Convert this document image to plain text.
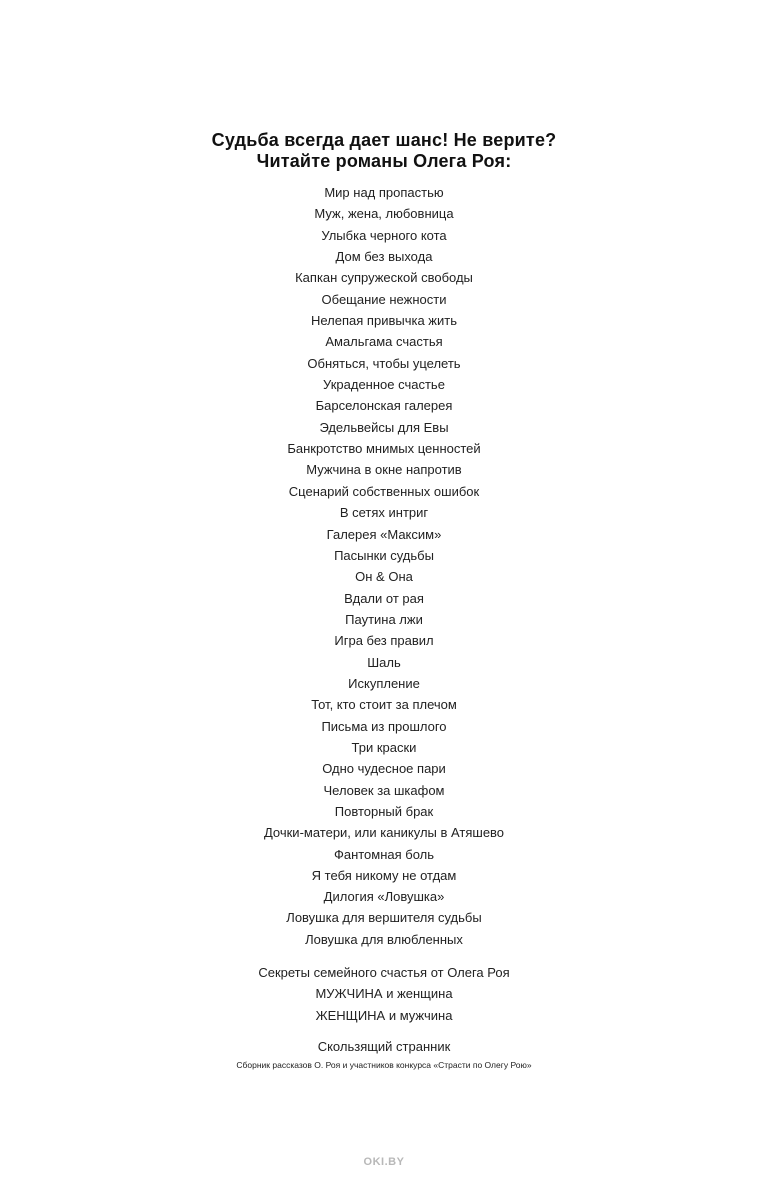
Судьба всегда дает шанс! Не верите?
Читайте романы Олега Роя:
Мир над пропастью
Муж, жена, любовница
Улыбка черного кота
Дом без выхода
Капкан супружеской свободы
Обещание нежности
Нелепая привычка жить
Амальгама счастья
Обняться, чтобы уцелеть
Украденное счастье
Барселонская галерея
Эдельвейсы для Евы
Банкротство мнимых ценностей
Мужчина в окне напротив
Сценарий собственных ошибок
В сетях интриг
Галерея «Максим»
Пасынки судьбы
Он & Она
Вдали от рая
Паутина лжи
Игра без правил
Шаль
Искупление
Тот, кто стоит за плечом
Письма из прошлого
Три краски
Одно чудесное пари
Человек за шкафом
Повторный брак
Дочки-матери, или каникулы в Атяшево
Фантомная боль
Я тебя никому не отдам
Дилогия «Ловушка»
Ловушка для вершителя судьбы
Ловушка для влюбленных
Секреты семейного счастья от Олега Роя
МУЖЧИНА и женщина
ЖЕНЩИНА и мужчина
Скользящий странник
Сборник рассказов О. Роя и участников конкурса «Страсти по Олегу Рою»
OKI.BY
